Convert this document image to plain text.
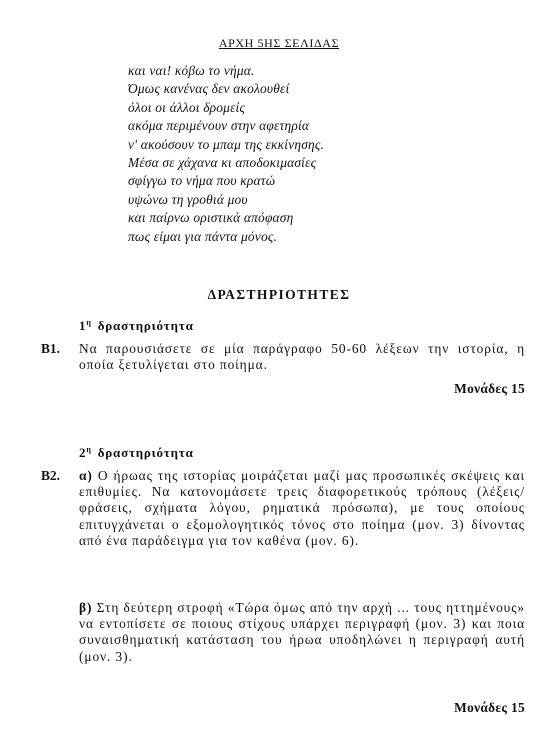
ΑΡΧΗ 5ΗΣ ΣΕΛΙΔΑΣ
και ναι! κόβω το νήμα.
Όμως κανένας δεν ακολουθεί
όλοι οι άλλοι δρομείς
ακόμα περιμένουν στην αφετηρία
ν' ακούσουν το μπαμ της εκκίνησης.
Μέσα σε χάχανα κι αποδοκιμασίες
σφίγγω το νήμα που κρατώ
υψώνω τη γροθιά μου
και παίρνω οριστικά απόφαση
πως είμαι για πάντα μόνος.
ΔΡΑΣΤΗΡΙΟΤΗΤΕΣ
$1^\eta$ δραστηριότητα
Β1. Να παρουσιάσετε σε μία παράγραφο 50-60 λέξεων την ιστορία, η οποία ξετυλίγεται στο ποίημα.
Μονάδες 15
$2^\eta$ δραστηριότητα
Β2. α) Ο ήρωας της ιστορίας μοιράζεται μαζί μας προσωπικές σκέψεις και επιθυμίες. Να κατονομάσετε τρεις διαφορετικούς τρόπους (λέξεις/φράσεις, σχήματα λόγου, ρηματικά πρόσωπα), με τους οποίους επιτυγχάνεται ο εξομολογητικός τόνος στο ποίημα (μον. 3) δίνοντας από ένα παράδειγμα για τον καθένα (μον. 6).
β) Στη δεύτερη στροφή «Τώρα όμως από την αρχή ... τους ηττημένους» να εντοπίσετε σε ποιους στίχους υπάρχει περιγραφή (μον. 3) και ποια συναισθηματική κατάσταση του ήρωα υποδηλώνει η περιγραφή αυτή (μον. 3).
Μονάδες 15
